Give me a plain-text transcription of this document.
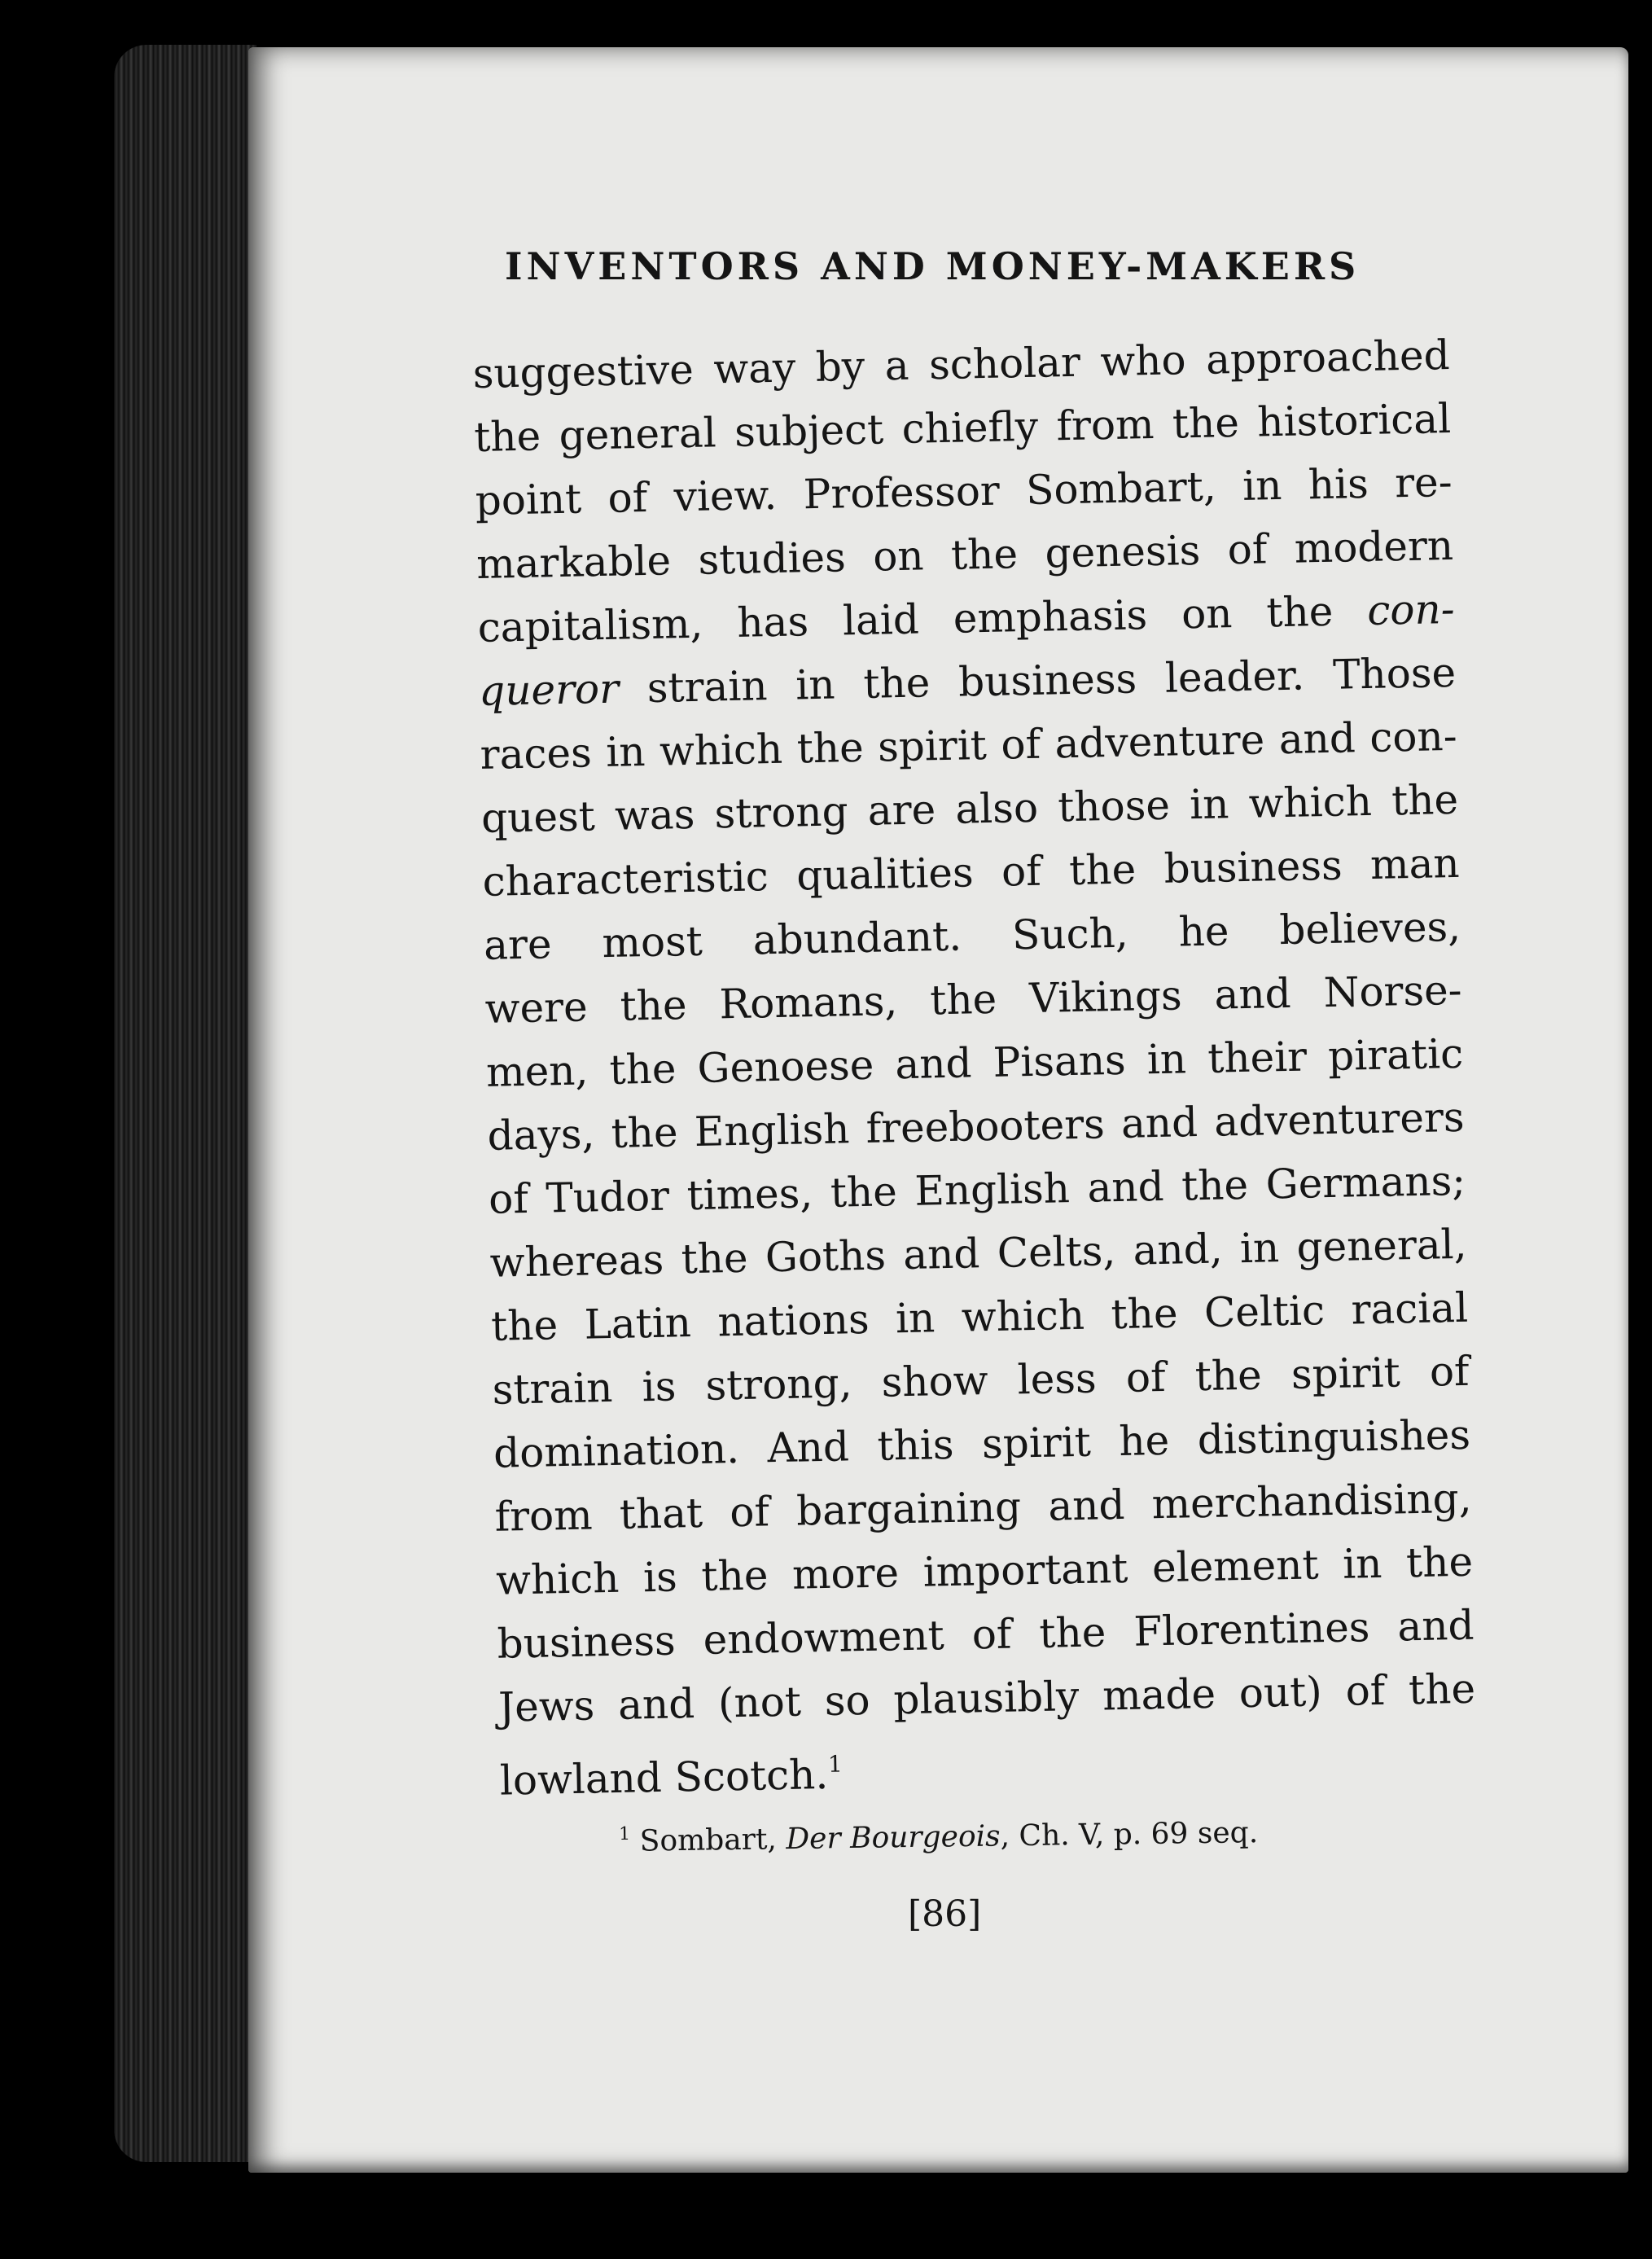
INVENTORS AND MONEY-MAKERS
suggestive way by a scholar who approached
the general subject chiefly from the historical
point of view. Professor Sombart, in his re-
markable studies on the genesis of modern
capitalism, has laid emphasis on the con-
queror strain in the business leader. Those
races in which the spirit of adventure and con-
quest was strong are also those in which the
characteristic qualities of the business man
are most abundant. Such, he believes,
were the Romans, the Vikings and Norse-
men, the Genoese and Pisans in their piratic
days, the English freebooters and adventurers
of Tudor times, the English and the Germans;
whereas the Goths and Celts, and, in general,
the Latin nations in which the Celtic racial
strain is strong, show less of the spirit of
domination. And this spirit he distinguishes
from that of bargaining and merchandising,
which is the more important element in the
business endowment of the Florentines and
Jews and (not so plausibly made out) of the
lowland Scotch.$^1$
$^1$ Sombart, Der Bourgeois, Ch. V, p. 69 seq.
[86]
